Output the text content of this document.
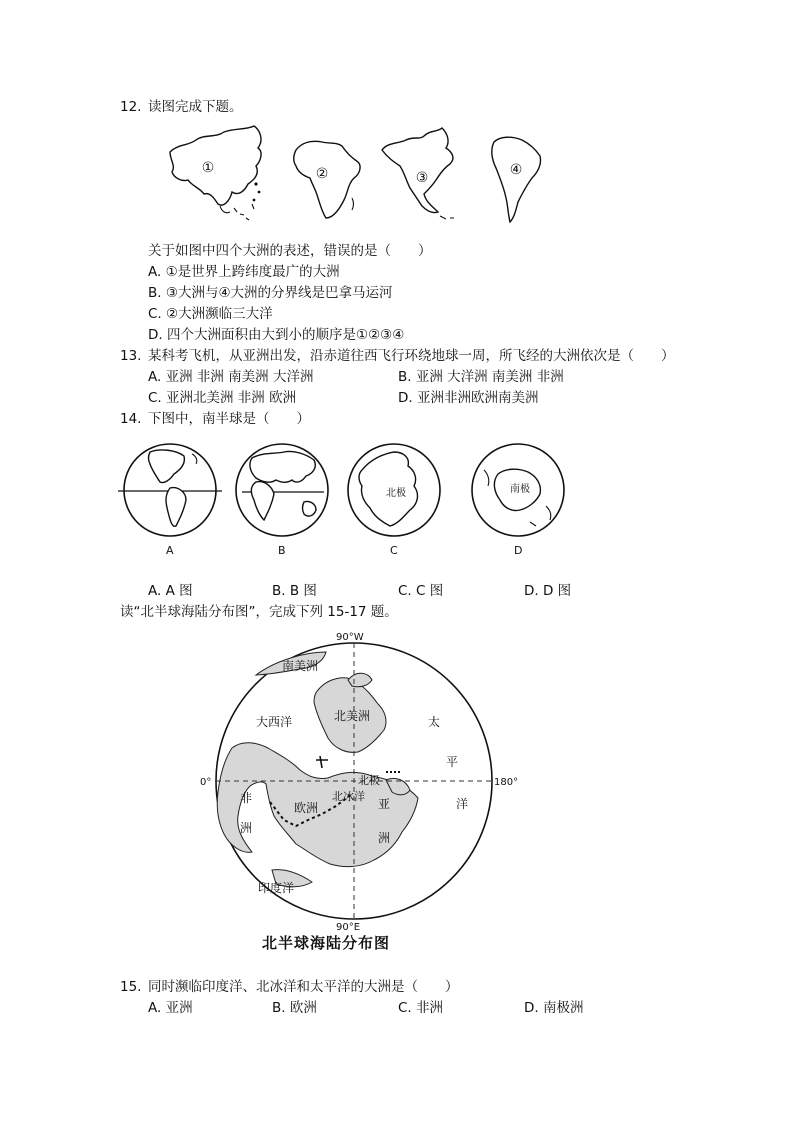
12. 读图完成下题。
①	②	③	④
关于如图中四个大洲的表述，错误的是（　　）
A. ①是世界上跨纬度最广的大洲
B. ③大洲与④大洲的分界线是巴拿马运河
C. ②大洲濒临三大洋
D. 四个大洲面积由大到小的顺序是①②③④
13. 某科考飞机，从亚洲出发，沿赤道往西飞行环绕地球一周，所飞经的大洲依次是（　　）
A. 亚洲 非洲 南美洲 大洋洲	B. 亚洲 大洋洲 南美洲 非洲
C. 亚洲北美洲 非洲 欧洲	D. 亚洲非洲欧洲南美洲
14. 下图中，南半球是（　　）
A	B
北极
C
南极
D
A. A 图	B. B 图	C. C 图	D. D 图
读“北半球海陆分布图”，完成下列 15-17 题。
90°W
90°E
0°	180°
南美洲
大西洋	北美洲	太
平
洋
北极
北冰洋
非
洲
欧洲	亚
洲
印度洋
北半球海陆分布图
15. 同时濒临印度洋、北冰洋和太平洋的大洲是（　　）
A. 亚洲	B. 欧洲	C. 非洲	D. 南极洲
